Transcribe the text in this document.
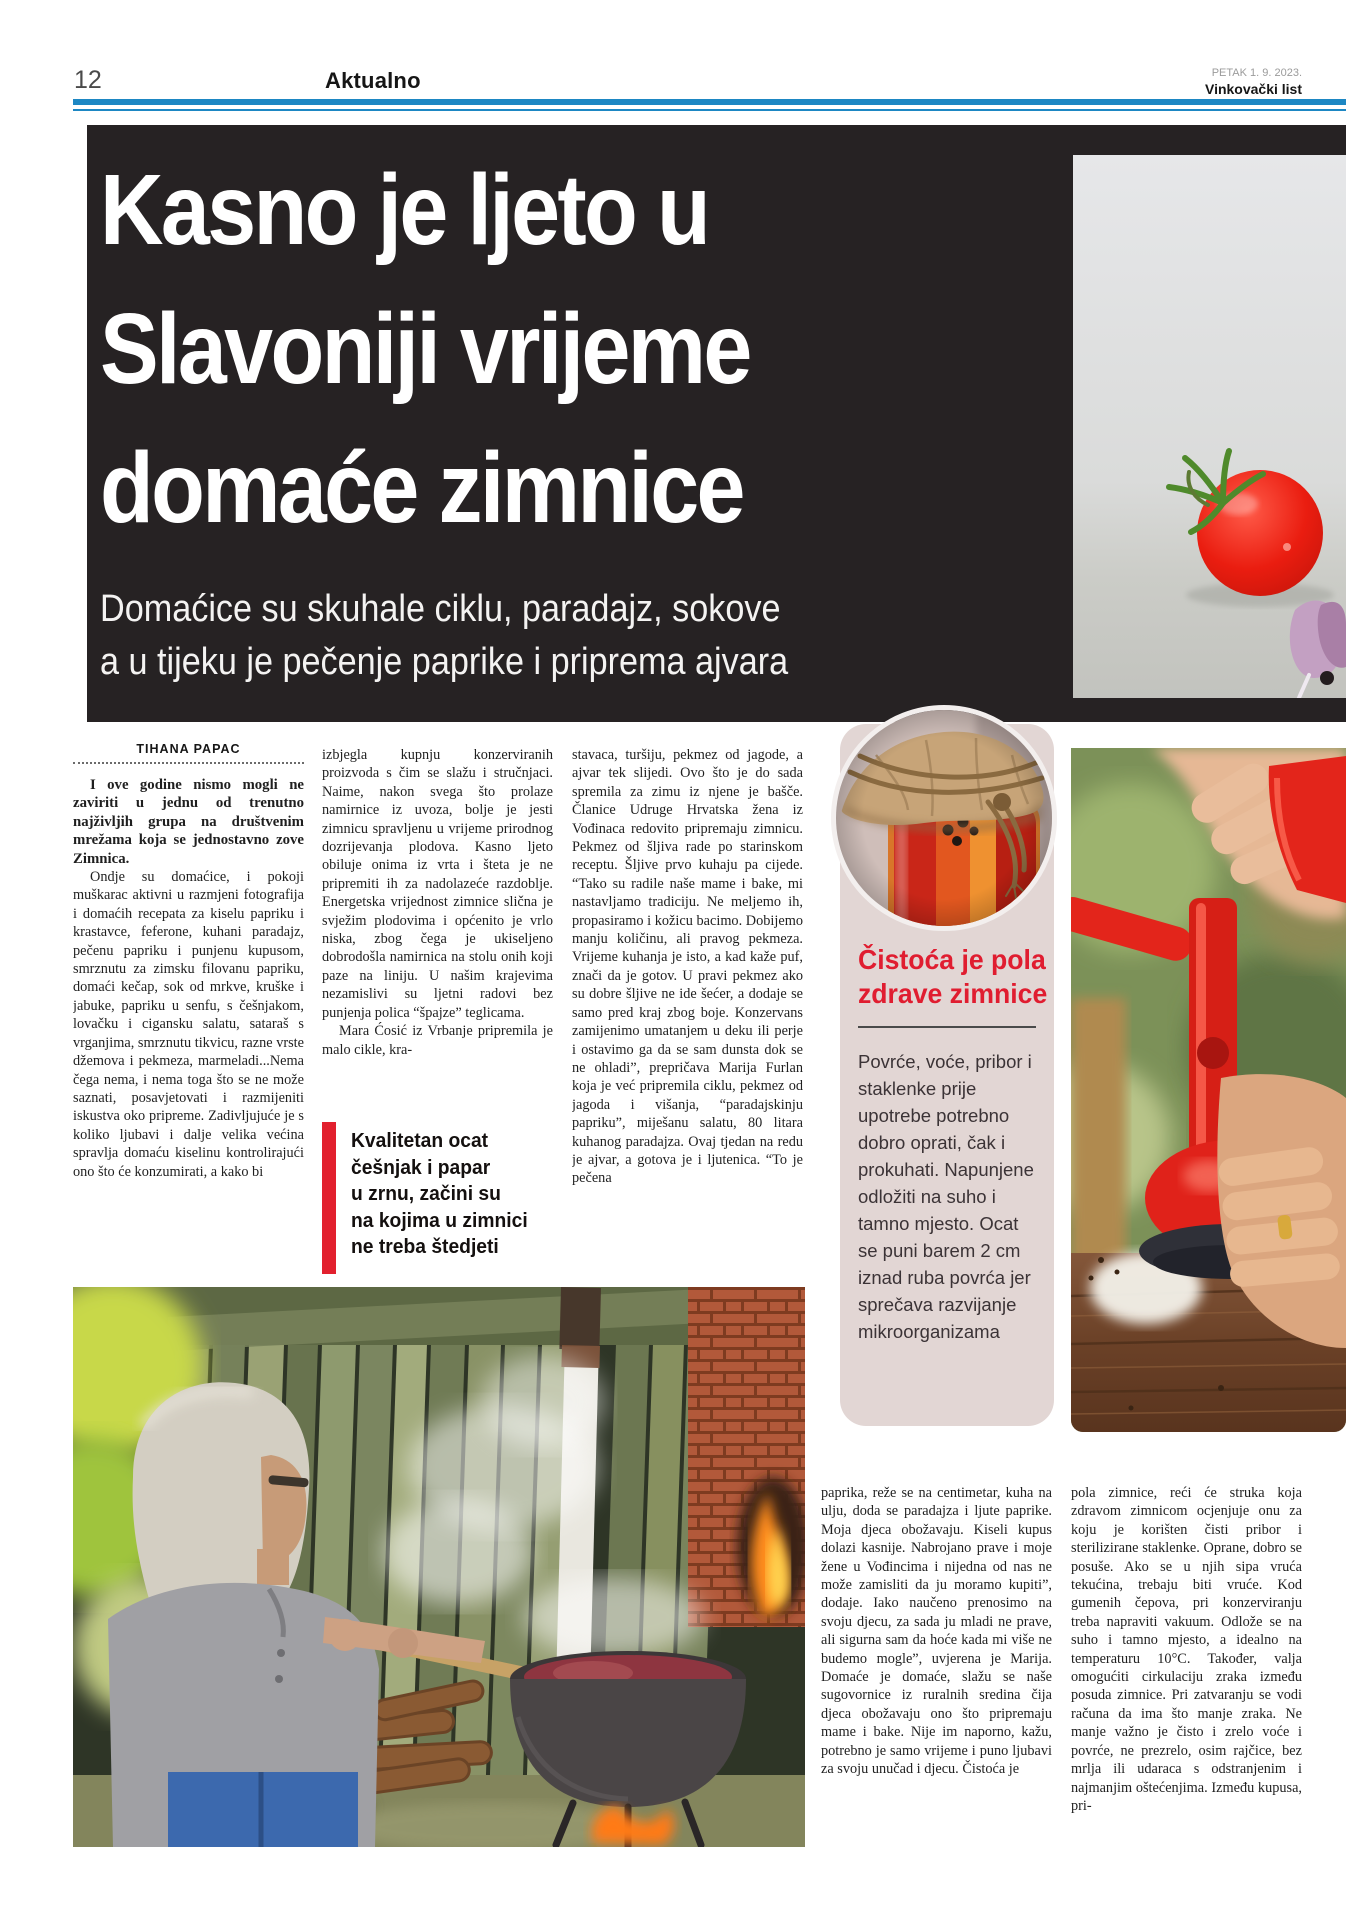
12	Aktualno	PETAK 1. 9. 2023.
Vinkovački list
Kasno je ljeto u
Slavoniji vrijeme
domaće zimnice
Domaćice su skuhale ciklu, paradajz, sokove
a u tijeku je pečenje paprike i priprema ajvara
TIHANA PAPAC

I ove godine nismo mogli ne zaviriti u jednu od trenutno najživljih grupa na društvenim mrežama koja se jednostavno zove Zimnica.

Ondje su domaćice, i pokoji muškarac aktivni u razmjeni fotografija i domaćih recepata za kiselu papriku i krastavce, feferone, kuhani paradajz, pečenu papriku i punjenu kupusom, smrznutu za zimsku filovanu papriku, domaći kečap, sok od mrkve, kruške i jabuke, papriku u senfu, s češnjakom, lovačku i cigansku salatu, sataraš s vrganjima, smrznutu tikvicu, razne vrste džemova i pekmeza, marmeladi...Nema čega nema, i nema toga što se ne može saznati, posavjetovati i razmijeniti iskustva oko pripreme. Zadivljujuće je s koliko ljubavi i dalje velika većina spravlja domaću kiselinu kontrolirajući ono što će konzumirati, a kako bi

izbjegla kupnju konzerviranih proizvoda s čim se slažu i stručnjaci. Naime, nakon svega što prolaze namirnice iz uvoza, bolje je jesti zimnicu spravljenu u vrijeme prirodnog dozrijevanja plodova. Kasno ljeto obiluje onima iz vrta i šteta je ne pripremiti ih za nadolazeće razdoblje. Energetska vrijednost zimnice slična je svježim plodovima i općenito je vrlo niska, zbog čega je ukiseljeno dobrodošla namirnica na stolu onih koji paze na liniju. U našim krajevima nezamislivi su ljetni radovi bez punjenja polica “špajze” teglicama.

Mara Ćosić iz Vrbanje pripremila je malo cikle, kra-

Kvalitetan ocat
češnjak i papar
u zrnu, začini su
na kojima u zimnici
ne treba štedjeti

stavaca, turšiju, pekmez od jagode, a ajvar tek slijedi. Ovo što je do sada spremila za zimu iz njene je bašče. Članice Udruge Hrvatska žena iz Vođinaca redovito pripremaju zimnicu. Pekmez od šljiva rade po starinskom receptu. Šljive prvo kuhaju pa cijede. “Tako su radile naše mame i bake, mi nastavljamo tradiciju. Ne meljemo ih, propasiramo i kožicu bacimo. Dobijemo manju količinu, ali pravog pekmeza. Vrijeme kuhanja je isto, a kad kaže puf, znači da je gotov. U pravi pekmez ako su dobre šljive ne ide šećer, a dodaje se samo pred kraj zbog boje. Konzervans zamijenimo umatanjem u deku ili perje i ostavimo ga da se sam dunsta dok se ne ohladi”, prepričava Marija Furlan koja je već pripremila ciklu, pekmez od jagoda i višanja, “paradajskinju papriku”, miješanu salatu, 80 litara kuhanog paradajza. Ovaj tjedan na redu je ajvar, a gotova je i ljutenica. “To je pečena

Čistoća je pola
zdrave zimnice
Povrće, voće, pribor i staklenke prije upotrebe potrebno dobro oprati, čak i prokuhati. Napunjene odložiti na suho i tamno mjesto. Ocat se puni barem 2 cm iznad ruba povrća jer sprečava razvijanje mikroorganizama

paprika, reže se na centimetar, kuha na ulju, doda se paradajza i ljute paprike. Moja djeca obožavaju. Kiseli kupus dolazi kasnije. Nabrojano prave i moje žene u Vođincima i nijedna od nas ne može zamisliti da ju moramo kupiti”, dodaje. Iako naučeno prenosimo na svoju djecu, za sada ju mladi ne prave, ali sigurna sam da hoće kada mi više ne budemo mogle”, uvjerena je Marija. Domaće je domaće, slažu se naše sugovornice iz ruralnih sredina čija djeca obožavaju ono što pripremaju mame i bake. Nije im naporno, kažu, potrebno je samo vrijeme i puno ljubavi za svoju unučad i djecu. Čistoća je

pola zimnice, reći će struka koja zdravom zimnicom ocjenjuje onu za koju je korišten čisti pribor i sterilizirane staklenke. Oprane, dobro se posuše. Ako se u njih sipa vruća tekućina, trebaju biti vruće. Kod gumenih čepova, pri konzerviranju treba napraviti vakuum. Odlože se na suho i tamno mjesto, a idealno na temperaturu 10°C. Također, valja omogućiti cirkulaciju zraka između posuda zimnice. Pri zatvaranju se vodi računa da ima što manje zraka. Ne manje važno je čisto i zrelo voće i povrće, ne prezrelo, osim rajčice, bez mrlja ili udaraca s odstranjenim i najmanjim oštećenjima. Između kupusa, pri-
